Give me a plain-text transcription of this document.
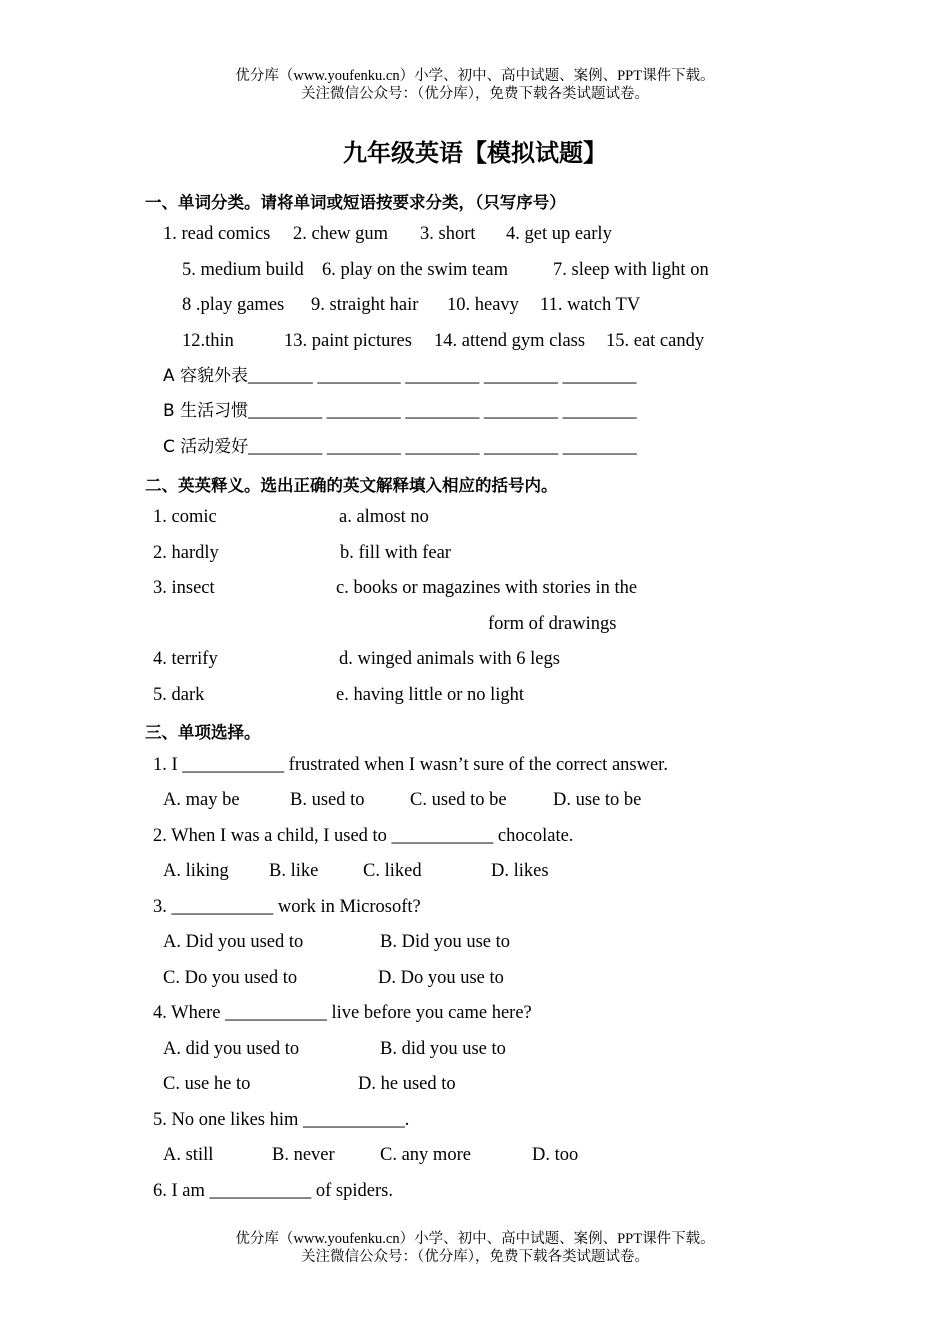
优分库（www.youfenku.cn）小学、初中、高中试题、案例、PPT课件下载。
关注微信公众号：（优分库），免费下载各类试题试卷。
九年级英语【模拟试题】
一、单词分类。请将单词或短语按要求分类，（只写序号）
1. read comics 2. chew gum 3. short 4. get up early
5. medium build 6. play on the swim team 7. sleep with light on
8 .play games 9. straight hair 10. heavy 11. watch TV
12.thin	13. paint pictures 14. attend gym class 15. eat candy
A 容貌外表_______ _________ ________ ________ ________
B 生活习惯________ ________ ________ ________ ________
C 活动爱好________ ________ ________ ________ ________
二、英英释义。选出正确的英文解释填入相应的括号内。
1. comic	a. almost no
2. hardly	b. fill with fear
3. insect	c. books or magazines with stories in the
form of drawings
4. terrify	d. winged animals with 6 legs
5. dark	e. having little or no light
三、单项选择。
1. I ___________ frustrated when I wasn’t sure of the correct answer.
A. may be	B. used to C. used to be	D. use to be
2. When I was a child, I used to ___________ chocolate.
A. liking B. like C. liked	D. likes
3. ___________ work in Microsoft?
A. Did you used to	B. Did you use to
C. Do you used to	D. Do you use to
4. Where ___________ live before you came here?
A. did you used to	B. did you use to
C. use he to	D. he used to
5. No one likes him ___________.
A. still	B. never C. any more	D. too
6. I am ___________ of spiders.
优分库（www.youfenku.cn）小学、初中、高中试题、案例、PPT课件下载。
关注微信公众号：（优分库），免费下载各类试题试卷。
